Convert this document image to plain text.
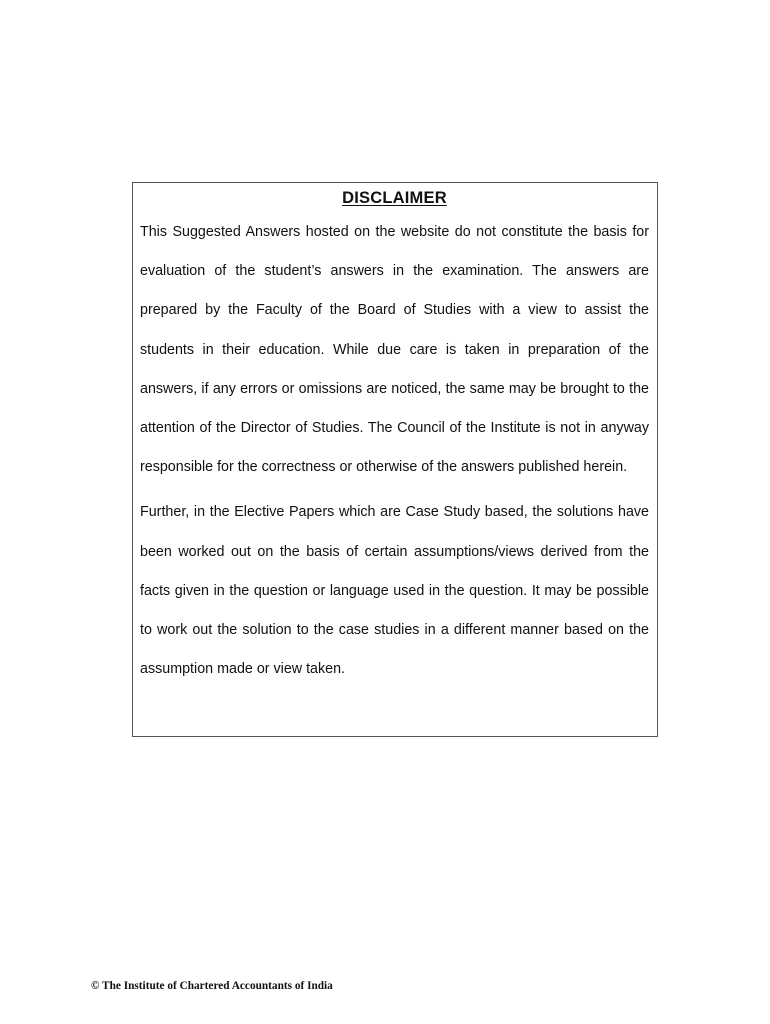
DISCLAIMER

This Suggested Answers hosted on the website do not constitute the basis for evaluation of the student’s answers in the examination. The answers are prepared by the Faculty of the Board of Studies with a view to assist the students in their education. While due care is taken in preparation of the answers, if any errors or omissions are noticed, the same may be brought to the attention of the Director of Studies. The Council of the Institute is not in anyway responsible for the correctness or otherwise of the answers published herein.

Further, in the Elective Papers which are Case Study based, the solutions have been worked out on the basis of certain assumptions/views derived from the facts given in the question or language used in the question. It may be possible to work out the solution to the case studies in a different manner based on the assumption made or view taken.

© The Institute of Chartered Accountants of India
